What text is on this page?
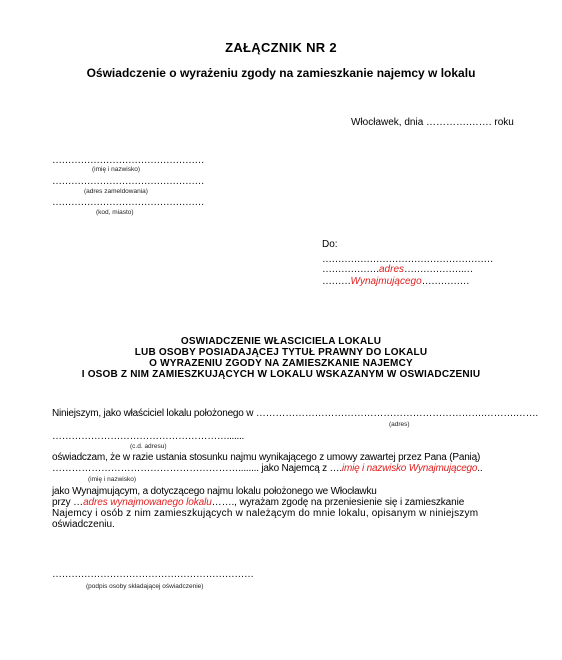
ZAŁĄCZNIK NR 2
Oświadczenie o wyrażeniu zgody na zamieszkanie najemcy w lokalu
Włocławek, dnia ………….……. roku
…………………………………………
(imię i nazwisko)
…………………………………………
(adres zameldowania)
…………………………………………
(kod, miasto)
Do:
………………………………………………
………………adres……………….…
………Wynajmującego……………
OSWIADCZENIE WŁASCICIELA LOKALU
LUB OSOBY POSIADAJĄCEJ TYTUŁ PRAWNY DO LOKALU
O WYRAZENIU ZGODY NA ZAMIESZKANIE NAJEMCY
I OSOB Z NIM ZAMIESZKUJĄCYCH W LOKALU WSKAZANYM W OSWIADCZENIU
Niniejszym, jako właściciel lokalu położonego w …………………………………………………………….……….…….
(adres)
……………………………………………….......
(c.d. adresu)
oświadczam, że w razie ustania stosunku najmu wynikającego z umowy zawartej przez Pana (Panią)
…………………………………………………........ jako Najemcą z ….imię i nazwisko Wynajmującego..
(imię i nazwisko)
jako Wynajmującym, a dotyczącego najmu lokalu położonego we Włocławku
przy …adres wynajmowanego lokalu……., wyrażam zgodę na przeniesienie się i zamieszkanie
Najemcy i osób z nim zamieszkujących w należącym do mnie lokalu, opisanym w niniejszym
oświadczeniu.
………………………………………………………
(podpis osoby składającej oświadczenie)
